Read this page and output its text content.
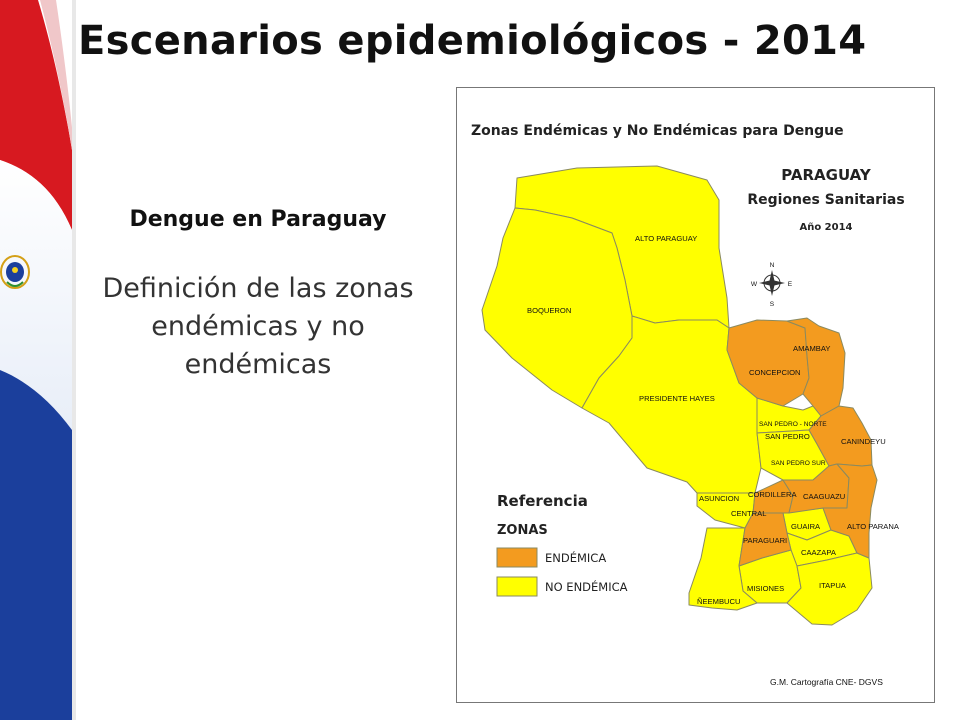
Escenarios epidemiológicos - 2014
Dengue en Paraguay
Definición de las zonas endémicas y no endémicas
Zonas Endémicas y No Endémicas para Dengue
PARAGUAY
Regiones Sanitarias
Año 2014
N
S
E
W
ALTO PARAGUAY
BOQUERON
PRESIDENTE HAYES
AMAMBAY
CONCEPCION
SAN PEDRO - NORTE
SAN PEDRO
SAN PEDRO SUR
CANINDEYU
ASUNCION CORDILLERA CAAGUAZU
CENTRAL
GUAIRA	ALTO PARANA
PARAGUARI
CAAZAPA
MISIONES	ITAPUA
ÑEEMBUCU
Referencia
ZONAS
ENDÉMICA
NO ENDÉMICA
G.M. Cartografía CNE- DGVS
